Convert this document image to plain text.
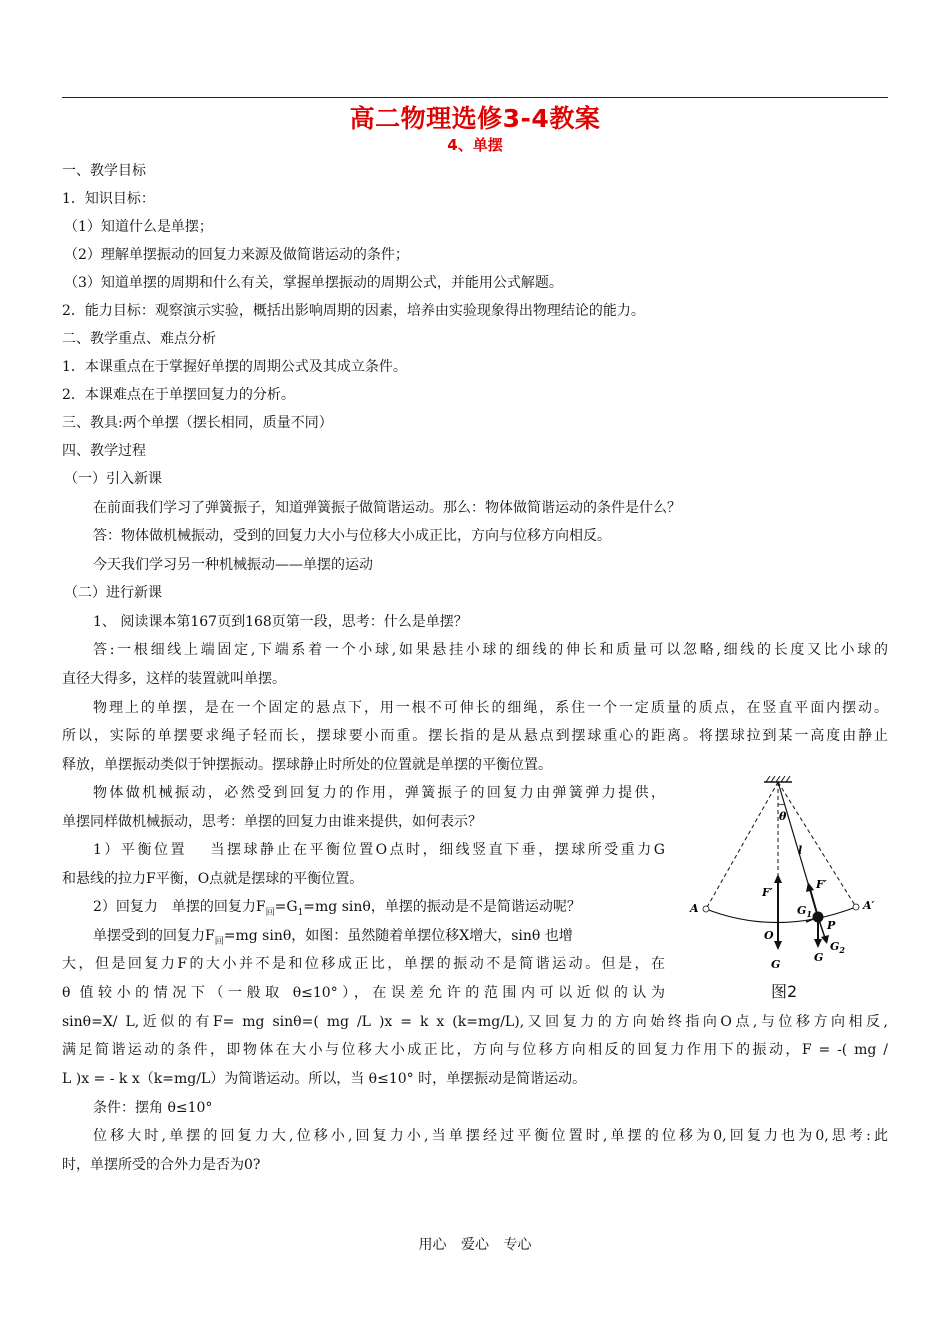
高二物理选修3-4教案
4、单摆
一、教学目标
1．知识目标：
（1）知道什么是单摆；
（2）理解单摆振动的回复力来源及做简谐运动的条件；
（3）知道单摆的周期和什么有关，掌握单摆振动的周期公式，并能用公式解题。
2．能力目标：观察演示实验，概括出影响周期的因素，培养由实验现象得出物理结论的能力。
二、教学重点、难点分析
1．本课重点在于掌握好单摆的周期公式及其成立条件。
2．本课难点在于单摆回复力的分析。
三、教具:两个单摆（摆长相同，质量不同）
四、教学过程
（一）引入新课
在前面我们学习了弹簧振子，知道弹簧振子做简谐运动。那么：物体做简谐运动的条件是什么？
答：物体做机械振动，受到的回复力大小与位移大小成正比，方向与位移方向相反。
今天我们学习另一种机械振动——单摆的运动
（二）进行新课
1、 阅读课本第167页到168页第一段，思考：什么是单摆？
答:一根细线上端固定,下端系着一个小球,如果悬挂小球的细线的伸长和质量可以忽略,细线的长度又比小球的
直径大得多，这样的装置就叫单摆。
物理上的单摆，是在一个固定的悬点下，用一根不可伸长的细绳，系住一个一定质量的质点，在竖直平面内摆动。
所以，实际的单摆要求绳子轻而长，摆球要小而重。摆长指的是从悬点到摆球重心的距离。将摆球拉到某一高度由静止
释放，单摆振动类似于钟摆振动。摆球静止时所处的位置就是单摆的平衡位置。
物体做机械振动，必然受到回复力的作用，弹簧振子的回复力由弹簧弹力提供，
单摆同样做机械振动，思考：单摆的回复力由谁来提供，如何表示？
1）平衡位置　 当摆球静止在平衡位置O点时，细线竖直下垂，摆球所受重力G
和悬线的拉力F平衡，O点就是摆球的平衡位置。
2）回复力　单摆的回复力$F_回=G_1=mg$ sinθ，单摆的振动是不是简谐运动呢？
单摆受到的回复力$F_回=mg$ sinθ，如图：虽然随着单摆位移X增大，sinθ 也增
大，但是回复力F的大小并不是和位移成正比，单摆的振动不是简谐运动。但是，在
θ 值较小的情况下（一般取 θ≤10°），在误差允许的范围内可以近似的认为
sinθ=X/ L,近似的有F= mg sinθ=( mg /L )x = k x (k=mg/L),又回复力的方向始终指向O点,与位移方向相反,
满足简谐运动的条件，即物体在大小与位移大小成正比，方向与位移方向相反的回复力作用下的振动，F = -( mg /
L )x = - k x（k=mg/L）为简谐运动。所以，当 θ≤10° 时，单摆振动是简谐运动。
条件：摆角 θ≤10°
位移大时,单摆的回复力大,位移小,回复力小,当单摆经过平衡位置时,单摆的位移为0,回复力也为0,思考:此
时，单摆所受的合外力是否为0?
θ
l
F′
F′
A	A′
$G_1$
P
O
G
G
$G_2$
图2
用心 爱心 专心
